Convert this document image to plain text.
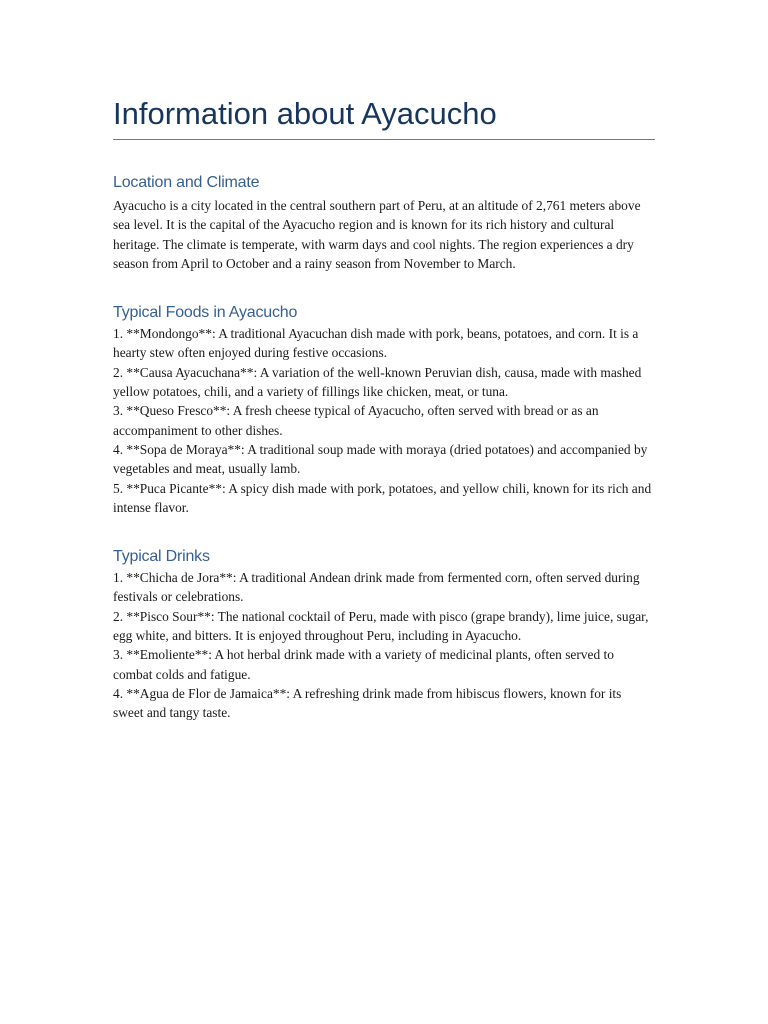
Information about Ayacucho
Location and Climate

Ayacucho is a city located in the central southern part of Peru, at an altitude of 2,761 meters above sea level. It is the capital of the Ayacucho region and is known for its rich history and cultural heritage. The climate is temperate, with warm days and cool nights. The region experiences a dry season from April to October and a rainy season from November to March.

Typical Foods in Ayacucho

1. **Mondongo**: A traditional Ayacuchan dish made with pork, beans, potatoes, and corn. It is a hearty stew often enjoyed during festive occasions.

2. **Causa Ayacuchana**: A variation of the well-known Peruvian dish, causa, made with mashed yellow potatoes, chili, and a variety of fillings like chicken, meat, or tuna.

3. **Queso Fresco**: A fresh cheese typical of Ayacucho, often served with bread or as an accompaniment to other dishes.

4. **Sopa de Moraya**: A traditional soup made with moraya (dried potatoes) and accompanied by vegetables and meat, usually lamb.

5. **Puca Picante**: A spicy dish made with pork, potatoes, and yellow chili, known for its rich and intense flavor.

Typical Drinks

1. **Chicha de Jora**: A traditional Andean drink made from fermented corn, often served during festivals or celebrations.

2. **Pisco Sour**: The national cocktail of Peru, made with pisco (grape brandy), lime juice, sugar, egg white, and bitters. It is enjoyed throughout Peru, including in Ayacucho.

3. **Emoliente**: A hot herbal drink made with a variety of medicinal plants, often served to combat colds and fatigue.

4. **Agua de Flor de Jamaica**: A refreshing drink made from hibiscus flowers, known for its sweet and tangy taste.
